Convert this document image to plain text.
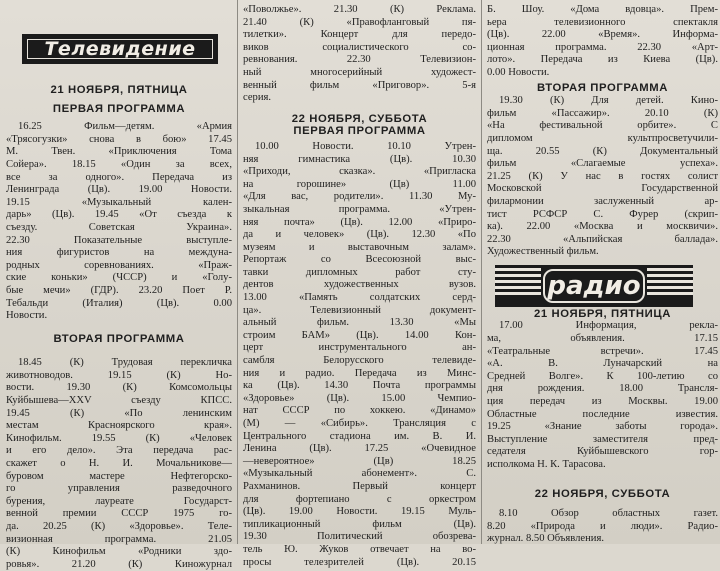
Телевидение

21 НОЯБРЯ, ПЯТНИЦА

ПЕРВАЯ ПРОГРАММА

16.25 Фильм—детям. «Армия

«Трясогузки» снова в бою» 17.45

М. Твен. «Приключения Тома

Сойера». 18.15 «Один за всех,

все за одного». Передача из

Ленинграда (Цв). 19.00 Новости.

19.15 «Музыкальный кален-

дарь» (Цв). 19.45 «От съезда к

съезду. Советская Украина».

22.30 Показательные выступле-

ния фигуристов на междуна-

родных соревнованиях. «Праж-

ские коньки» (ЧССР) и «Голу-

бые мечи» (ГДР). 23.20 Поет Р.

Тебальди (Италия) (Цв). 0.00

Новости.

ВТОРАЯ ПРОГРАММА

18.45 (К) Трудовая перекличка

животноводов. 19.15 (К) Но-

вости. 19.30 (К) Комсомольцы

Куйбышева—XXV съезду КПСС.

19.45 (К) «По ленинским

местам Красноярского края».

Кинофильм. 19.55 (К) «Человек

и его дело». Эта передача рас-

скажет о Н. И. Мочальникове—

буровом мастере Нефтегорско-

го управления разведочного

бурения, лауреате Государст-

венной премии СССР 1975 го-

да. 20.25 (К) «Здоровье». Теле-

визионная программа. 21.05

(К) Кинофильм «Родники здо-

ровья». 21.20 (К) Киножурнал

«Поволжье». 21.30 (К) Реклама.

21.40 (К) «Правофланговый пя-

тилетки». Концерт для передо-

виков социалистического со-

ревнования. 22.30 Телевизион-

ный многосерийный художест-

венный фильм «Приговор». 5-я

серия.

22 НОЯБРЯ, СУББОТА

ПЕРВАЯ ПРОГРАММА

10.00 Новости. 10.10 Утрен-

няя гимнастика (Цв). 10.30

«Приходи, сказка». «Пригласка

на горошине» (Цв) 11.00

«Для вас, родители». 11.30 Му-

зыкальная программа. «Утрен-

няя почта» (Цв). 12.00 «Приро-

да и человек» (Цв). 12.30 «По

музеям и выставочным залам».

Репортаж со Всесоюзной выс-

тавки дипломных работ сту-

дентов художественных вузов.

13.00 «Память солдатских серд-

ца». Телевизионный документ-

альный фильм. 13.30 «Мы

строим БАМ» (Цв). 14.00 Кон-

церт инструментального ан-

самбля Белорусского телевиде-

ния и радио. Передача из Минс-

ка (Цв). 14.30 Почта программы

«Здоровье» (Цв). 15.00 Чемпио-

нат СССР по хоккею. «Динамо»

(М) — «Сибирь». Трансляция с

Центрального стадиона им. В. И.

Ленина (Цв). 17.25 «Очевидное

—невероятное» (Цв) 18.25

«Музыкальный абонемент». С.

Рахманинов. Первый концерт

для фортепиано с оркестром

(Цв). 19.00 Новости. 19.15 Муль-

типликационный фильм (Цв).

19.30 Политический обозрева-

тель Ю. Жуков отвечает на во-

просы телезрителей (Цв). 20.15

Б. Шоу. «Дома вдовца». Прем-

ьера телевизионного спектакля

(Цв). 22.00 «Время». Информа-

ционная программа. 22.30 «Арт-

лото». Передача из Киева (Цв).

0.00 Новости.

ВТОРАЯ ПРОГРАММА

19.30 (К) Для детей. Кино-

фильм «Пассажир». 20.10 (К)

«На фестивальной орбите». С

дипломом культпросветучили-

ща. 20.55 (К) Документальный

фильм «Слагаемые успеха».

21.25 (К) У нас в гостях солист

Московской Государственной

филармонии заслуженный ар-

тист РСФСР С. Фурер (скрип-

ка). 22.00 «Москва и москвичи».

22.30 «Альпийская баллада».

Художественный фильм.

радио

21 НОЯБРЯ, ПЯТНИЦА

17.00 Информация, рекла-

ма, объявления. 17.15

«Театральные встречи». 17.45

«А. В. Луначарский на

Средней Волге». К 100-летию со

дня рождения. 18.00 Трансля-

ция передач из Москвы. 19.00

Областные последние известия.

19.25 «Знание заботы города».

Выступление заместителя пред-

седателя Куйбышевского гор-

исполкома Н. К. Тарасова.

22 НОЯБРЯ, СУББОТА

8.10 Обзор областных газет.

8.20 «Природа и люди». Радио-

журнал. 8.50 Объявления.
